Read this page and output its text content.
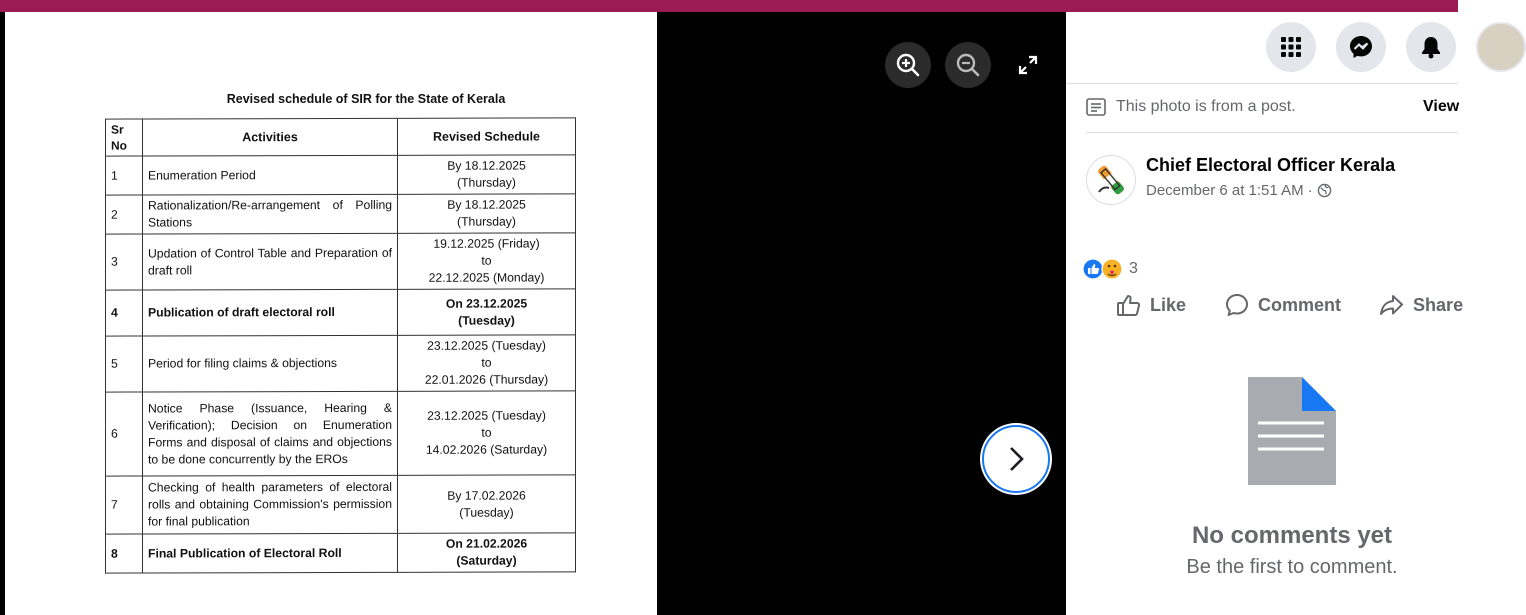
Revised schedule of SIR for the State of Kerala
Sr No	Activities	Revised Schedule
1	Enumeration Period	By 18.12.2025
(Thursday)
2	Rationalization/Re-arrangement of Polling Stations	By 18.12.2025
(Thursday)
3	Updation of Control Table and Preparation of draft roll	19.12.2025 (Friday)
to
22.12.2025 (Monday)
4	Publication of draft electoral roll	On 23.12.2025
(Tuesday)
5	Period for filing claims & objections	23.12.2025 (Tuesday)
to
22.01.2026 (Thursday)
6	Notice Phase (Issuance, Hearing & Verification); Decision on Enumeration Forms and disposal of claims and objections to be done concurrently by the EROs	23.12.2025 (Tuesday)
to
14.02.2026 (Saturday)
7	Checking of health parameters of electoral rolls and obtaining Commission's permission for final publication	By 17.02.2026
(Tuesday)
8	Final Publication of Electoral Roll	On 21.02.2026
(Saturday)
This photo is from a post.	View
Chief Electoral Officer Kerala
December 6 at 1:51 AM ·
3
Like	Comment	Share
No comments yet
Be the first to comment.
